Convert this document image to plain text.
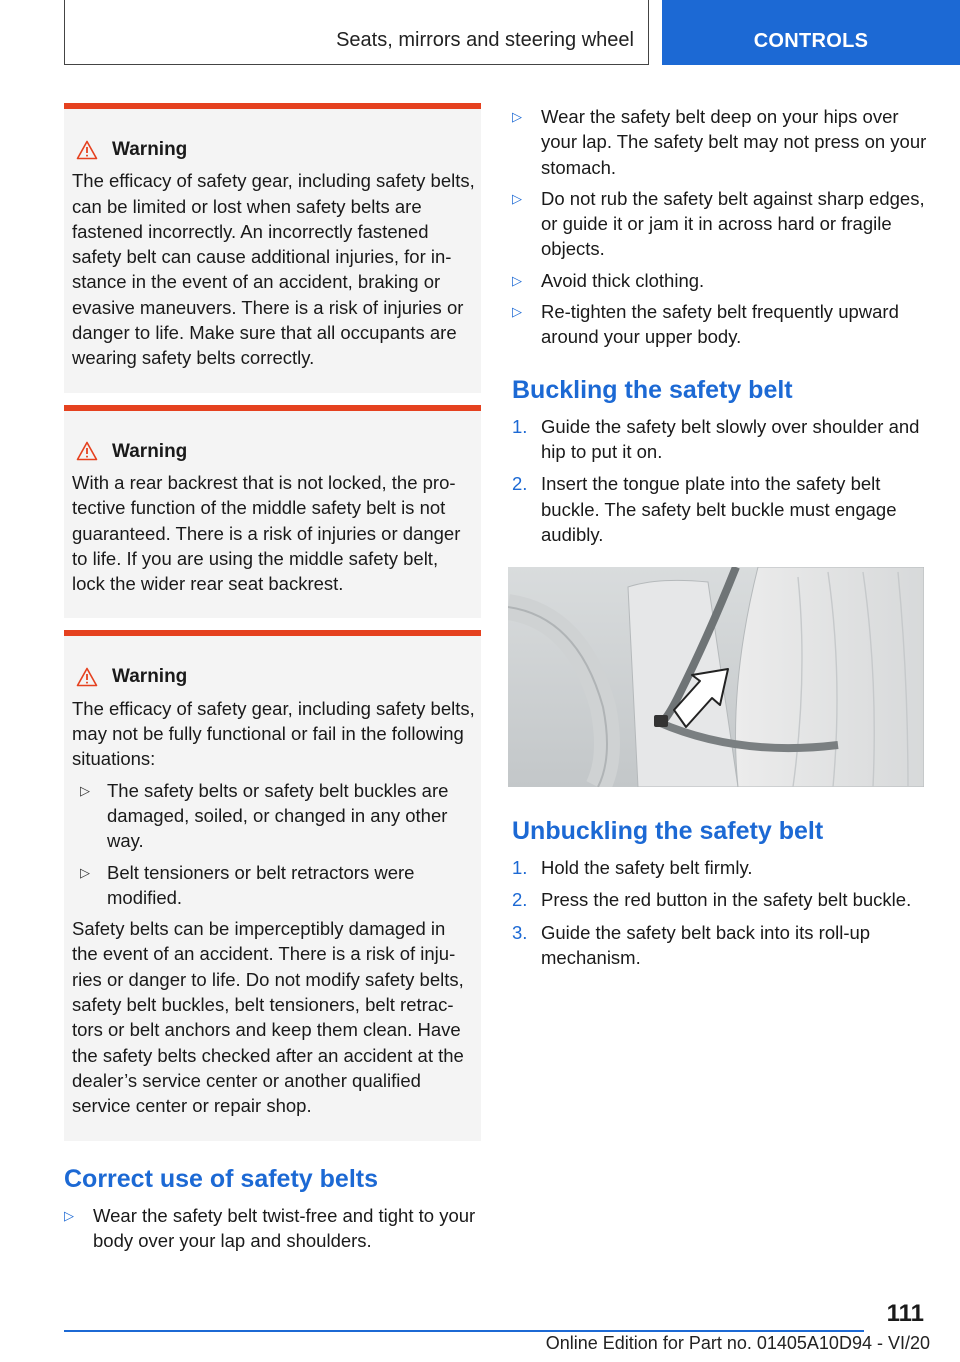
Seats, mirrors and steering wheel	CONTROLS
Warning

The efficacy of safety gear, including safety belts, can be limited or lost when safety belts are fastened incorrectly. An incorrectly fastened safety belt can cause additional injuries, for in-stance in the event of an accident, braking or evasive maneuvers. There is a risk of injuries or danger to life. Make sure that all occupants are wearing safety belts correctly.

Warning

With a rear backrest that is not locked, the pro-tective function of the middle safety belt is not guaranteed. There is a risk of injuries or danger to life. If you are using the middle safety belt, lock the wider rear seat backrest.

Warning

The efficacy of safety gear, including safety belts, may not be fully functional or fail in the following situations:

▷ The safety belts or safety belt buckles are damaged, soiled, or changed in any other way.
▷ Belt tensioners or belt retractors were modified.

Safety belts can be imperceptibly damaged in the event of an accident. There is a risk of inju-ries or danger to life. Do not modify safety belts, safety belt buckles, belt tensioners, belt retrac-tors or belt anchors and keep them clean. Have the safety belts checked after an accident at the dealer’s service center or another qualified service center or repair shop.

Correct use of safety belts
▷ Wear the safety belt twist-free and tight to your body over your lap and shoulders.
▷ Wear the safety belt deep on your hips over your lap. The safety belt may not press on your stomach.
▷ Do not rub the safety belt against sharp edges, or guide it or jam it in across hard or fragile objects.
▷ Avoid thick clothing.
▷ Re-tighten the safety belt frequently upward around your upper body.
Buckling the safety belt
1. Guide the safety belt slowly over shoulder and hip to put it on.
2. Insert the tongue plate into the safety belt buckle. The safety belt buckle must engage audibly.
Unbuckling the safety belt
1. Hold the safety belt firmly.
2. Press the red button in the safety belt buckle.
3. Guide the safety belt back into its roll-up mechanism.
111
Online Edition for Part no. 01405A10D94 - VI/20
